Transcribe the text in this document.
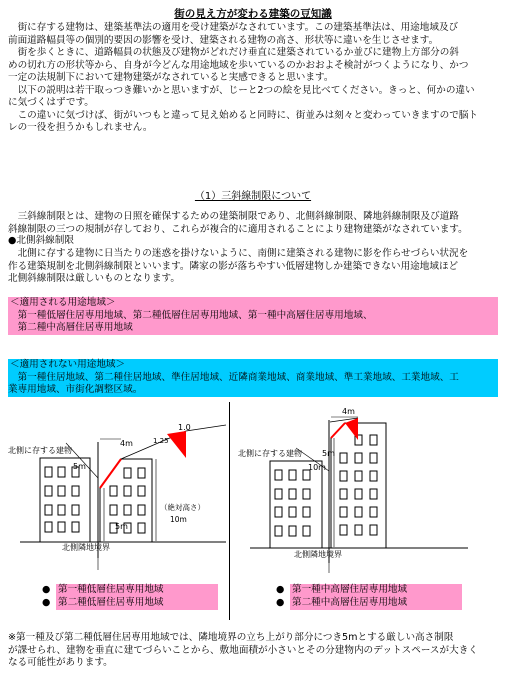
街の見え方が変わる建築の豆知識
　街に存する建物は、建築基準法の適用を受け建築がなされています。この建築基準法は、用途地域及び
前面道路幅員等の個別的要因の影響を受け、建築される建物の高さ、形状等に違いを生じさせます。
　街を歩くときに、道路幅員の状態及び建物がどれだけ垂直に建築されているか並びに建物上方部分の斜
めの切れ方の形状等から、自身が今どんな用途地域を歩いているのかおおよそ検討がつくようになり、かつ
一定の法規制下において建物建築がなされていると実感できると思います。
　以下の説明は若干取っつき難いかと思いますが、じーと2つの絵を見比べてください。きっと、何かの違い
に気づくはずです。
　この違いに気づけば、街がいつもと違って見え始めると同時に、街並みは刻々と変わっていきますので脳ト
レの一役を担うかもしれません。
（1）三斜線制限について
　三斜線制限とは、建物の日照を確保するための建築制限であり、北側斜線制限、隣地斜線制限及び道路
斜線制限の三つの規制が存しており、これらが複合的に適用されることにより建物建築がなされています。
●北側斜線制限
　北側に存する建物に日当たりの迷惑を掛けないように、南側に建築される建物に影を作らせづらい状況を
作る建築規制を北側斜線制限といいます。隣家の影が落ちやすい低層建物しか建築できない用途地域ほど
北側斜線制限は厳しいものとなります。
＜適用される用途地域＞
　第一種低層住居専用地域、第二種低層住居専用地域、第一種中高層住居専用地域、
　第二種中高層住居専用地域
＜適用されない用途地域＞
　第一種住居地域、第二種住居地域、準住居地域、近隣商業地域、商業地域、準工業地域、工業地域、工
業専用地域、市街化調整区域。
北側に存する建物
5m
4m	1.25
1.0
5m
（絶対高さ）
10m
北側隣地境界
4m
北側に存する建物	5m
10m
北側隣地境界
● 第一種低層住居専用地域
● 第二種低層住居専用地域
● 第一種中高層住居専用地域
● 第二種中高層住居専用地域
※第一種及び第二種低層住居専用地域では、隣地境界の立ち上がり部分につき5mとする厳しい高さ制限
が課せられ、建物を垂直に建てづらいことから、敷地面積が小さいとその分建物内のデットスペースが大きく
なる可能性があります。
